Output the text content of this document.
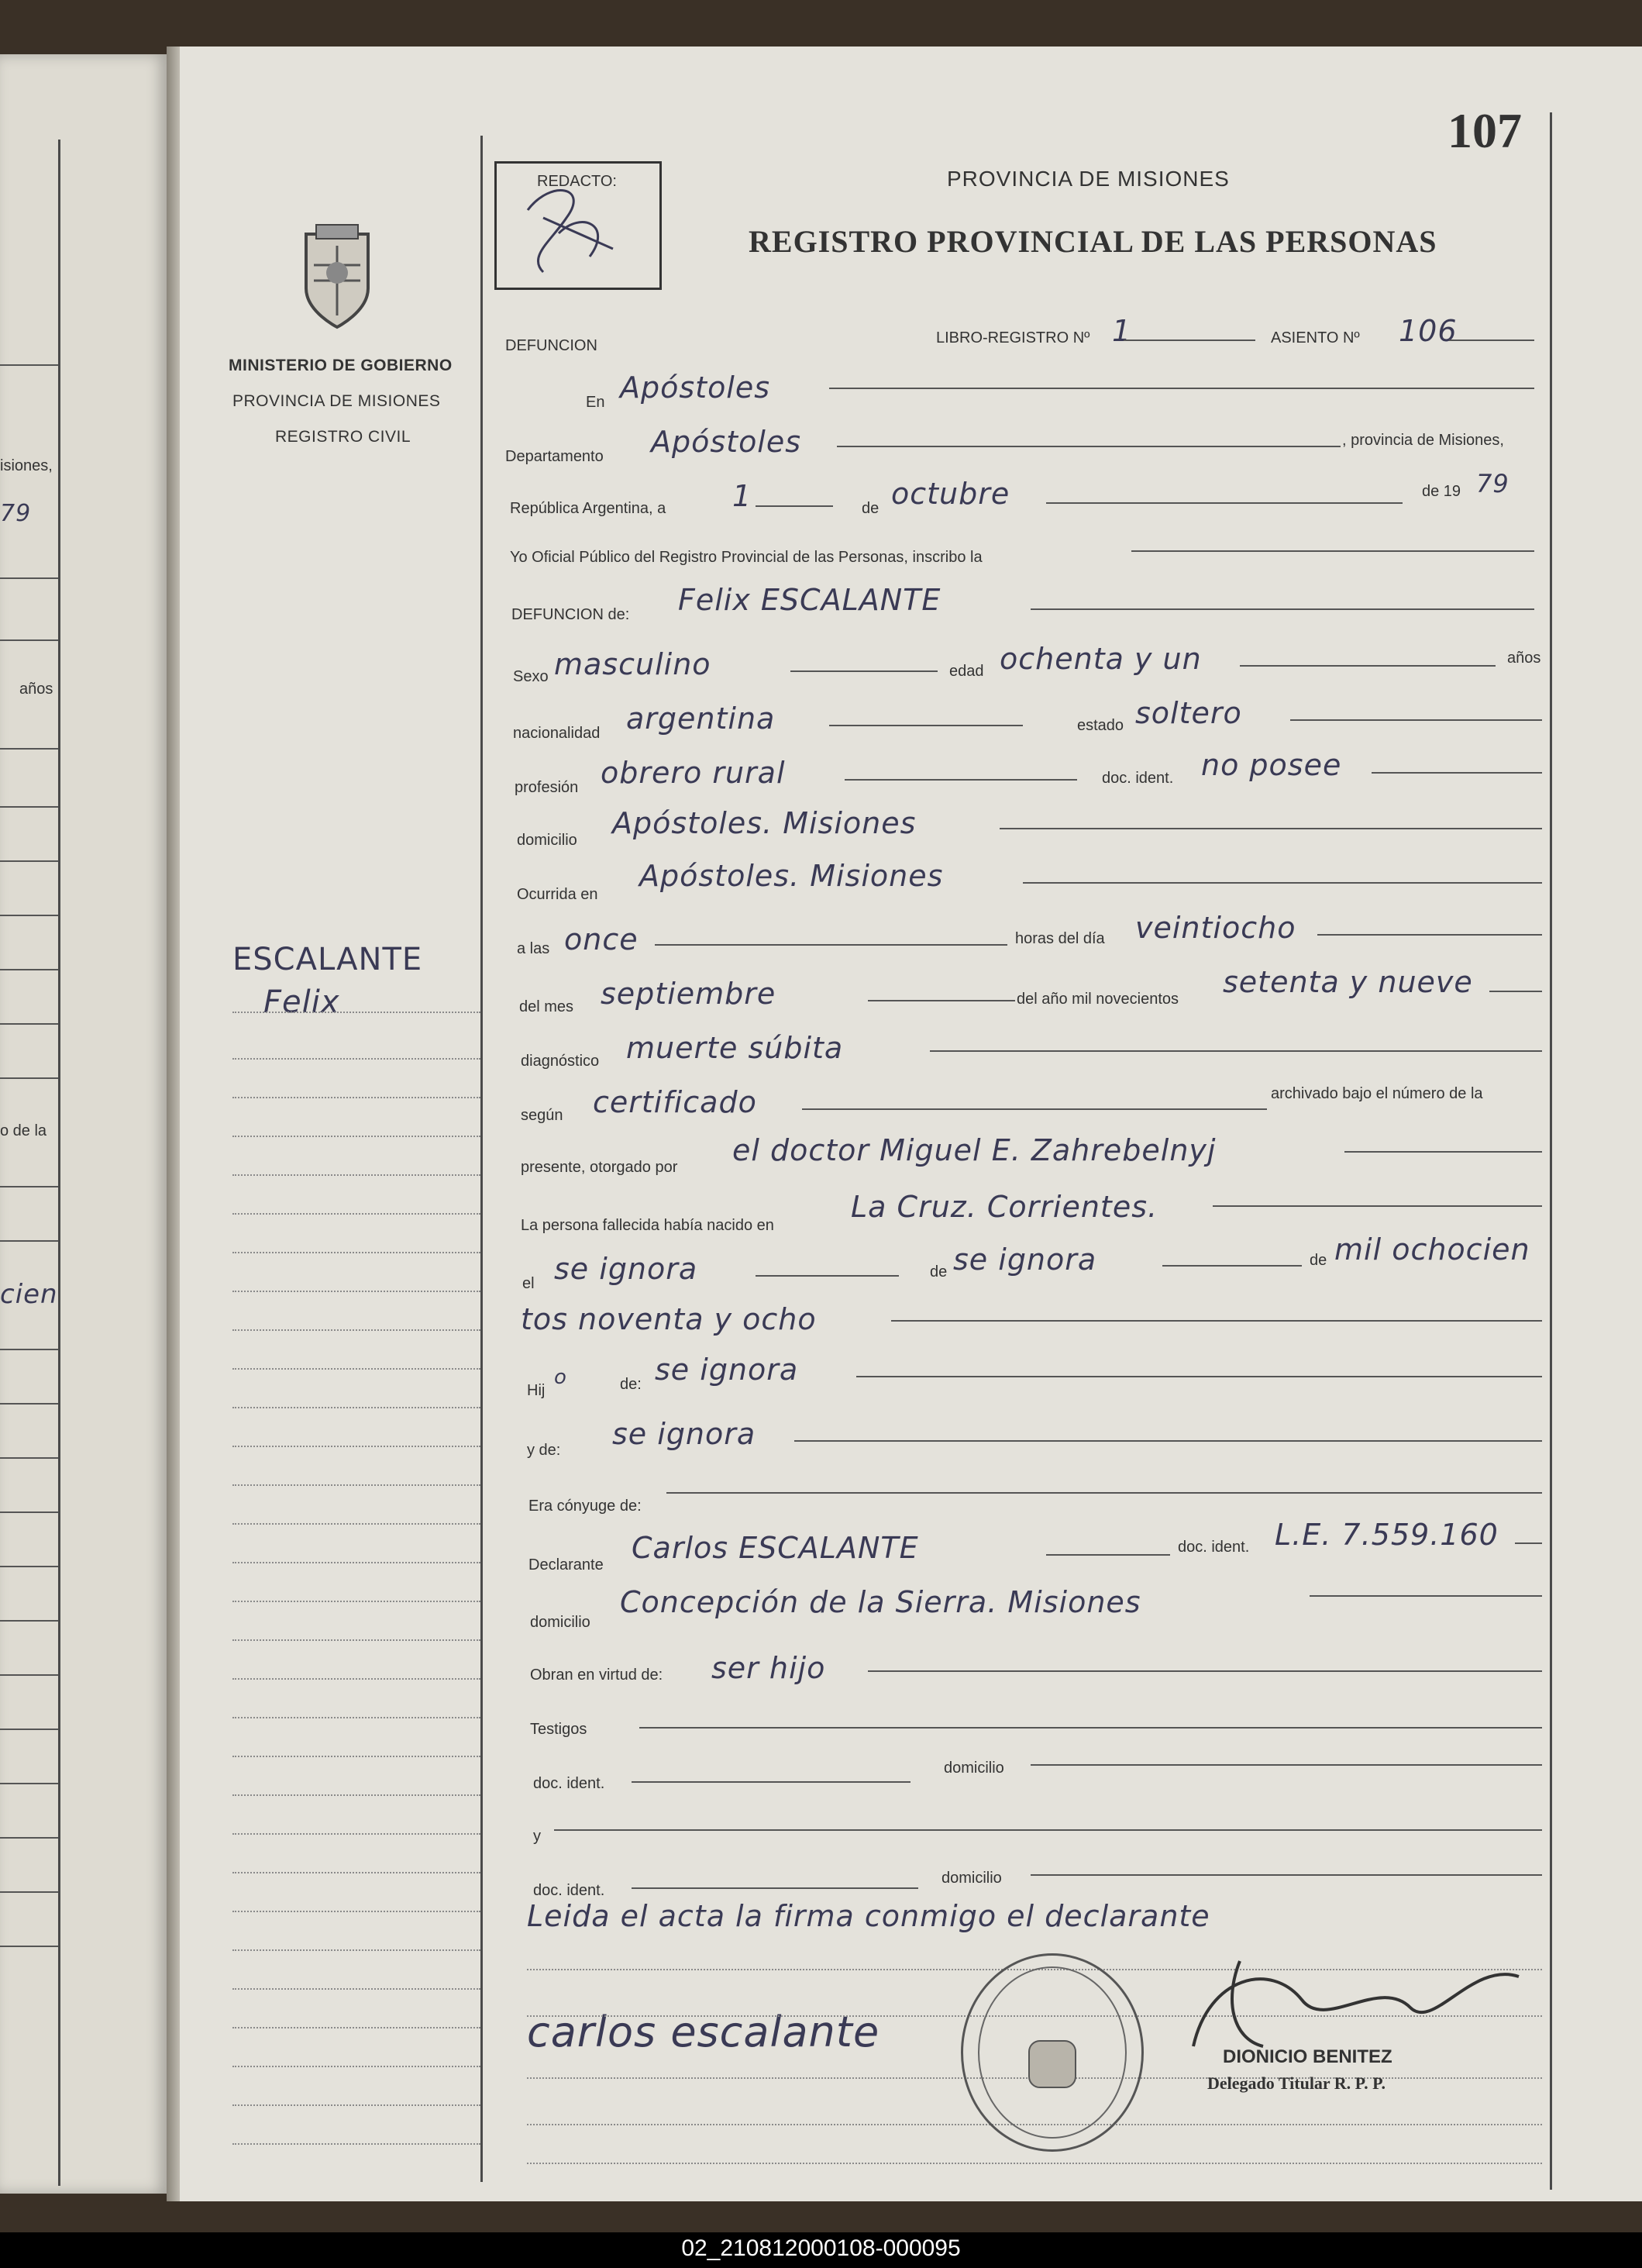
isiones,
79
años
o de la
cien
REDACTO:	PROVINCIA DE MISIONES
REGISTRO PROVINCIAL DE LAS PERSONAS
107
MINISTERIO DE GOBIERNO
PROVINCIA DE MISIONES
REGISTRO CIVIL
ESCALANTE
Felix
DEFUNCION	LIBRO-REGISTRO Nº 1	ASIENTO Nº 106
En Apóstoles
Departamento Apóstoles	, provincia de Misiones,
República Argentina, a 1	de octubre	de 19 79
Yo Oficial Público del Registro Provincial de las Personas, inscribo la
DEFUNCION de: Felix ESCALANTE
Sexo masculino	edad ochenta y un	años
nacionalidad argentina	estado soltero
profesión obrero rural	doc. ident. no posee
domicilio Apóstoles. Misiones
Ocurrida en
Apóstoles. Misiones
a las once	horas del día veintiocho
del mes septiembre	del año mil novecientos setenta y nueve
diagnóstico muerte súbita
según certificado	archivado bajo el número de la
presente, otorgado por el doctor Miguel E. Zahrebelnyj
La persona fallecida había nacido en
La Cruz. Corrientes.
el se ignora	de se ignora	de mil ochocien
tos noventa y ocho
Hij
o	de: se ignora
y de: se ignora
Era cónyuge de:
Declarante Carlos ESCALANTE	doc. ident. L.E. 7.559.160
domicilio
Concepción de la Sierra. Misiones
Obran en virtud de: ser hijo
Testigos
doc. ident.
domicilio
y
doc. ident.
domicilio
Leida el acta la firma conmigo el declarante
carlos escalante
DIONICIO BENITEZ
Delegado Titular R. P. P.
02_210812000108-000095
